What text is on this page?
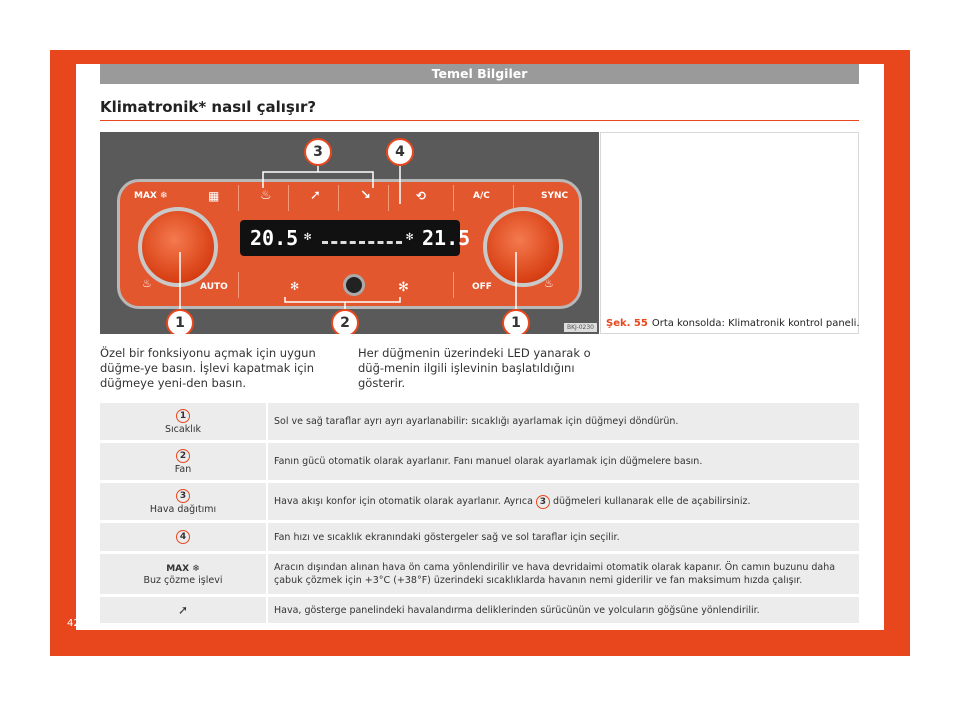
Temel Bilgiler
Klimatronik* nasıl çalışır?
MAX ❄	▦	♨	➚	↘	⟲	A/C	SYNC
20.5 ✻	✻ 21.5
♨	AUTO	✻	✻	OFF	♨
1	2
3	4
1	BKJ-0230	Şek. 55 Orta konsolda: Klimatronik kontrol paneli.
Özel bir fonksiyonu açmak için uygun düğme-ye basın. İşlevi kapatmak için düğmeye yeni-den basın.
Her düğmenin üzerindeki LED yanarak o düğ-menin ilgili işlevinin başlatıldığını gösterir.
1
Sıcaklık	Sol ve sağ taraflar ayrı ayrı ayarlanabilir: sıcaklığı ayarlamak için düğmeyi döndürün.
2
Fan	Fanın gücü otomatik olarak ayarlanır. Fanı manuel olarak ayarlamak için düğmelere basın.
3
Hava dağıtımı	Hava akışı konfor için otomatik olarak ayarlanır. Ayrıca 3 düğmeleri kullanarak elle de açabilirsiniz.
4	Fan hızı ve sıcaklık ekranındaki göstergeler sağ ve sol taraflar için seçilir.
MAX ❄
Buz çözme işlevi	Aracın dışından alınan hava ön cama yönlendirilir ve hava devridaimi otomatik olarak kapanır. Ön camın buzunu daha çabuk çözmek için +3°C (+38°F) üzerindeki sıcaklıklarda havanın nemi giderilir ve fan maksimum hızda çalışır.
➚	Hava, gösterge panelindeki havalandırma deliklerinden sürücünün ve yolcuların göğsüne yönlendirilir.
42
